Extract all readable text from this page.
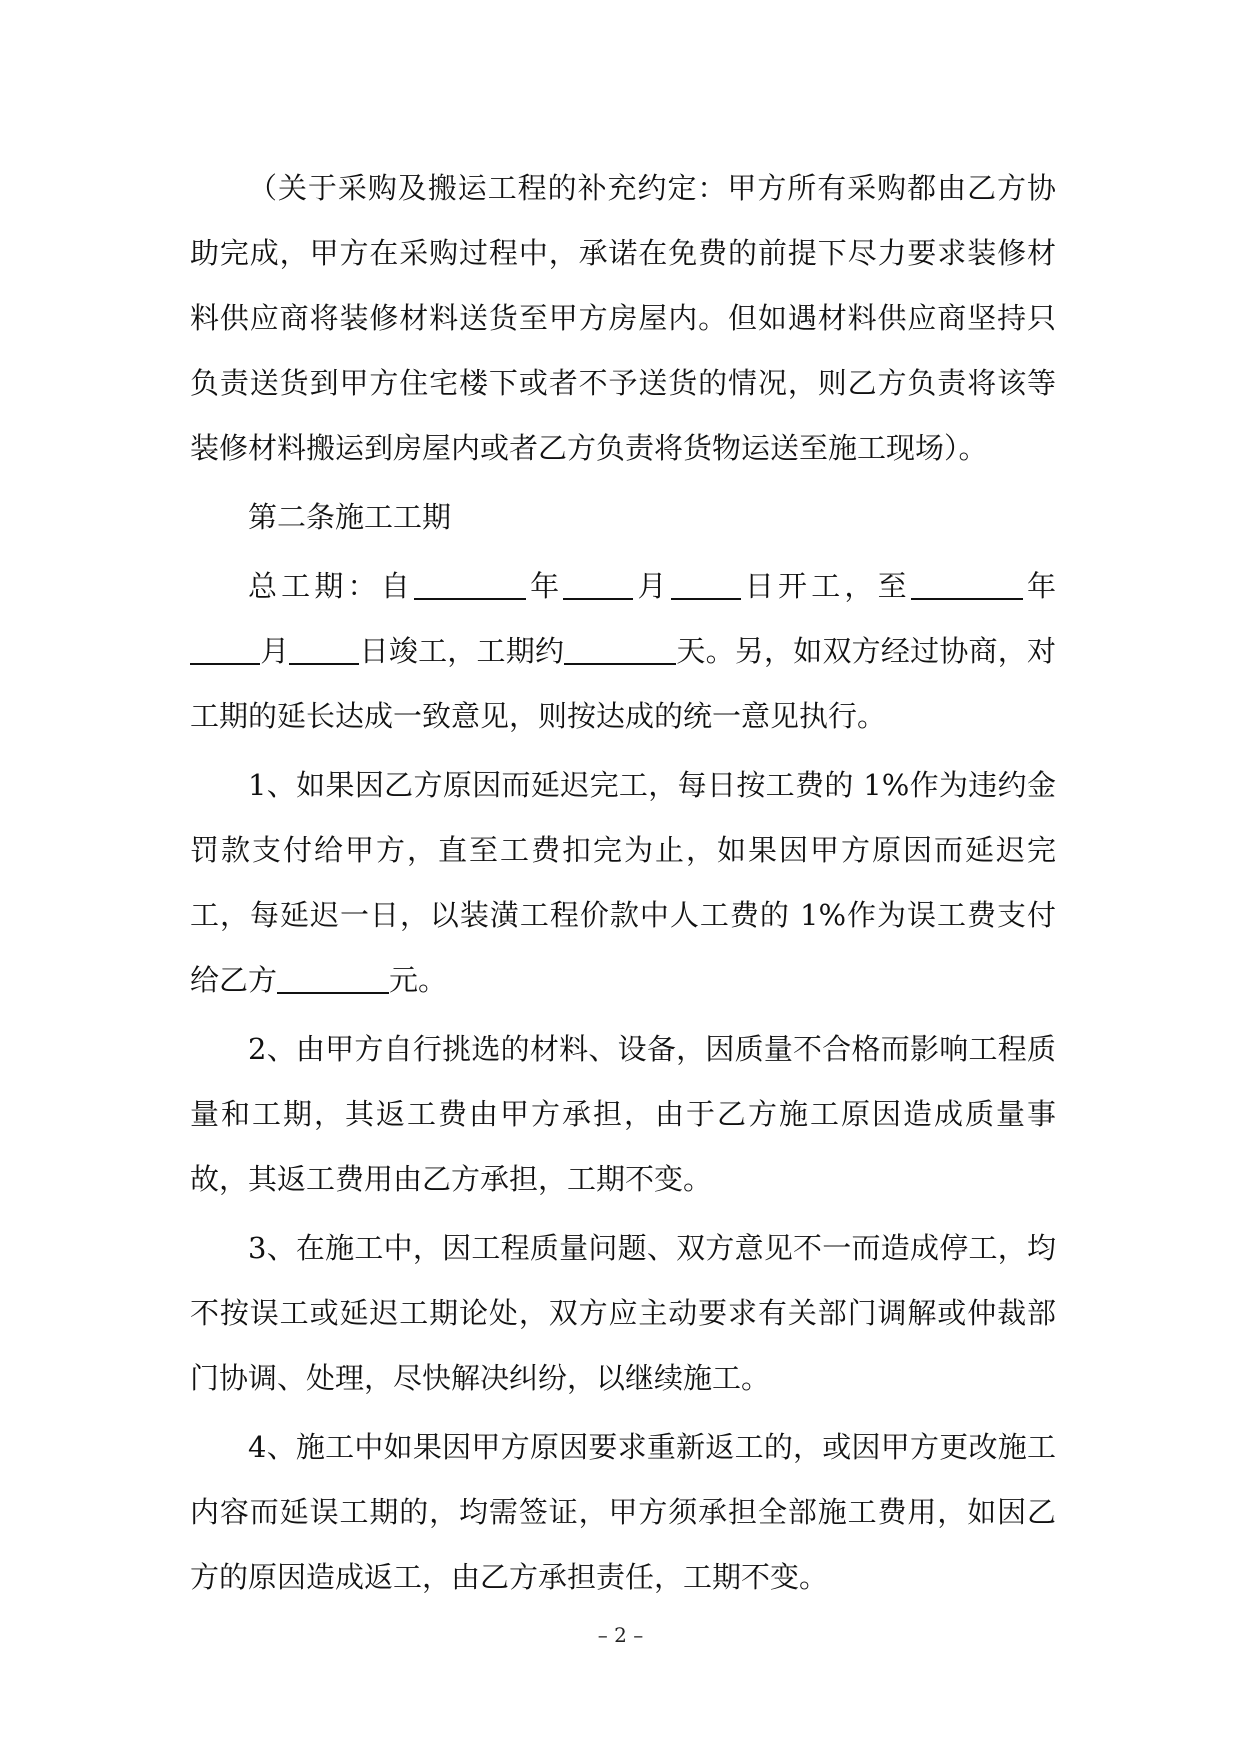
（关于采购及搬运工程的补充约定：甲方所有采购都由乙方协助完成，甲方在采购过程中，承诺在免费的前提下尽力要求装修材料供应商将装修材料送货至甲方房屋内。但如遇材料供应商坚持只负责送货到甲方住宅楼下或者不予送货的情况，则乙方负责将该等装修材料搬运到房屋内或者乙方负责将货物运送至施工现场）。

第二条施工工期

总工期：自	年 月 日开工，至	年月 日竣工，工期约	天。另，如双方经过协商，对工期的延长达成一致意见，则按达成的统一意见执行。

1、如果因乙方原因而延迟完工，每日按工费的 1%作为违约金罚款支付给甲方，直至工费扣完为止，如果因甲方原因而延迟完工，每延迟一日，以装潢工程价款中人工费的 1%作为误工费支付给乙方	元。

2、由甲方自行挑选的材料、设备，因质量不合格而影响工程质量和工期，其返工费由甲方承担，由于乙方施工原因造成质量事故，其返工费用由乙方承担，工期不变。

3、在施工中，因工程质量问题、双方意见不一而造成停工，均不按误工或延迟工期论处，双方应主动要求有关部门调解或仲裁部门协调、处理，尽快解决纠纷，以继续施工。

4、施工中如果因甲方原因要求重新返工的，或因甲方更改施工内容而延误工期的，均需签证，甲方须承担全部施工费用，如因乙方的原因造成返工，由乙方承担责任，工期不变。

– 2 –
